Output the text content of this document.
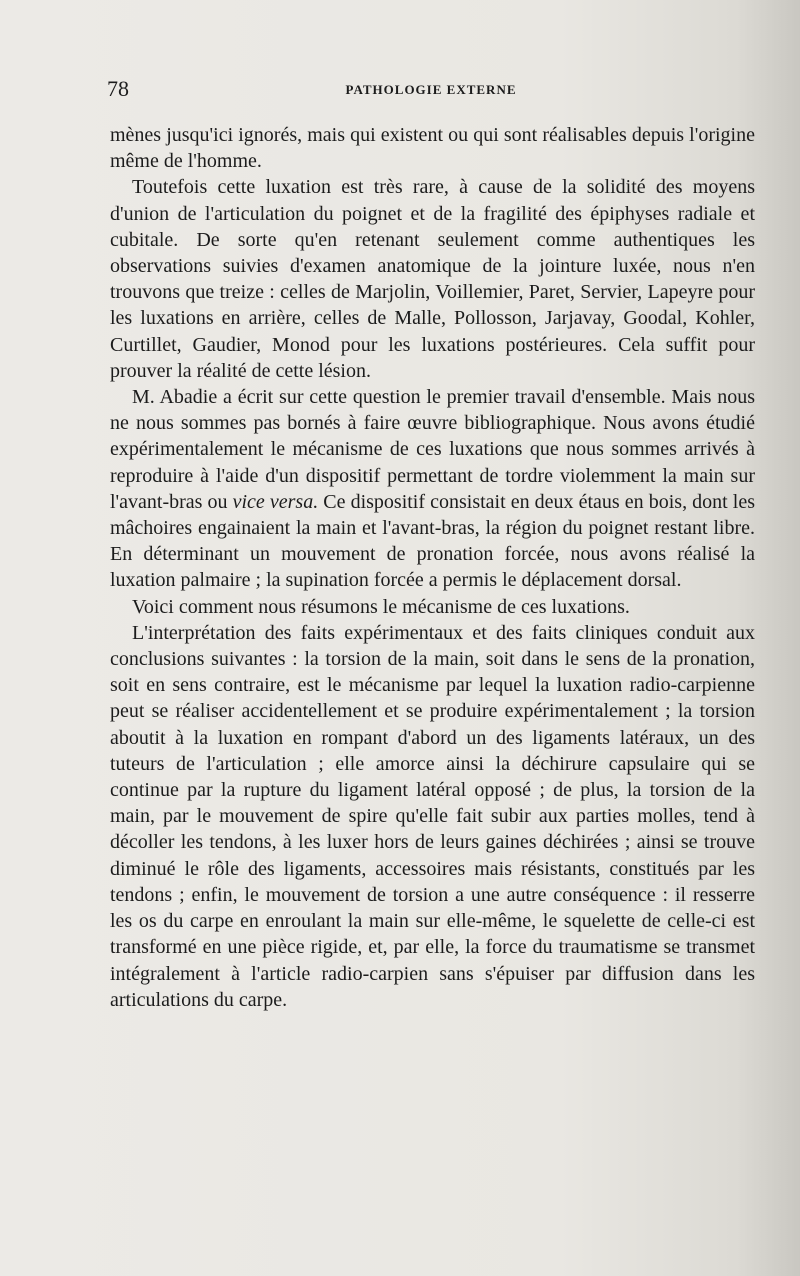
78	PATHOLOGIE EXTERNE

mènes jusqu'ici ignorés, mais qui existent ou qui sont réalisables depuis l'origine même de l'homme.

Toutefois cette luxation est très rare, à cause de la solidité des moyens d'union de l'articulation du poignet et de la fragilité des épiphyses radiale et cubitale. De sorte qu'en retenant seulement comme authentiques les observations suivies d'examen anatomique de la jointure luxée, nous n'en trouvons que treize : celles de Marjolin, Voillemier, Paret, Servier, Lapeyre pour les luxations en arrière, celles de Malle, Pollosson, Jarjavay, Goodal, Kohler, Curtillet, Gaudier, Monod pour les luxations postérieures. Cela suffit pour prouver la réalité de cette lésion.

M. Abadie a écrit sur cette question le premier travail d'ensemble. Mais nous ne nous sommes pas bornés à faire œuvre bibliographique. Nous avons étudié expérimentalement le mécanisme de ces luxations que nous sommes arrivés à reproduire à l'aide d'un dispositif permettant de tordre violemment la main sur l'avant-bras ou vice versa. Ce dispositif consistait en deux étaus en bois, dont les mâchoires engainaient la main et l'avant-bras, la région du poignet restant libre. En déterminant un mouvement de pronation forcée, nous avons réalisé la luxation palmaire ; la supination forcée a permis le déplacement dorsal.

Voici comment nous résumons le mécanisme de ces luxations.

L'interprétation des faits expérimentaux et des faits cliniques conduit aux conclusions suivantes : la torsion de la main, soit dans le sens de la pronation, soit en sens contraire, est le mécanisme par lequel la luxation radio-carpienne peut se réaliser accidentellement et se produire expérimentalement ; la torsion aboutit à la luxation en rompant d'abord un des ligaments latéraux, un des tuteurs de l'articulation ; elle amorce ainsi la déchirure capsulaire qui se continue par la rupture du ligament latéral opposé ; de plus, la torsion de la main, par le mouvement de spire qu'elle fait subir aux parties molles, tend à décoller les tendons, à les luxer hors de leurs gaines déchirées ; ainsi se trouve diminué le rôle des ligaments, accessoires mais résistants, constitués par les tendons ; enfin, le mouvement de torsion a une autre conséquence : il resserre les os du carpe en enroulant la main sur elle-même, le squelette de celle-ci est transformé en une pièce rigide, et, par elle, la force du traumatisme se transmet intégralement à l'article radio-carpien sans s'épuiser par diffusion dans les articulations du carpe.
